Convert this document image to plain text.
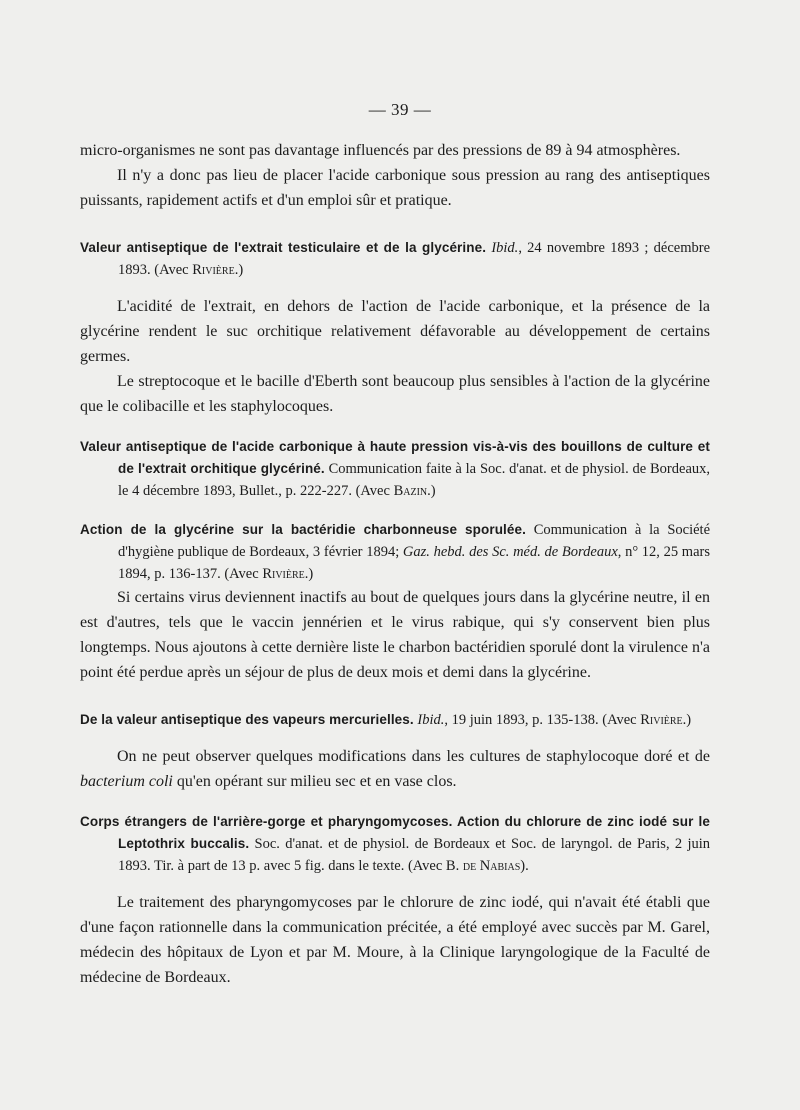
— 39 —

micro-organismes ne sont pas davantage influencés par des pressions de 89 à 94 atmosphères.

Il n'y a donc pas lieu de placer l'acide carbonique sous pression au rang des antiseptiques puissants, rapidement actifs et d'un emploi sûr et pratique.

Valeur antiseptique de l'extrait testiculaire et de la glycérine. Ibid., 24 novembre 1893 ; décembre 1893. (Avec Rivière.)

L'acidité de l'extrait, en dehors de l'action de l'acide carbonique, et la présence de la glycérine rendent le suc orchitique relativement défavorable au développement de certains germes.

Le streptocoque et le bacille d'Eberth sont beaucoup plus sensibles à l'action de la glycérine que le colibacille et les staphylocoques.

Valeur antiseptique de l'acide carbonique à haute pression vis-à-vis des bouillons de culture et de l'extrait orchitique glycériné. Communication faite à la Soc. d'anat. et de physiol. de Bordeaux, le 4 décembre 1893, Bullet., p. 222-227. (Avec Bazin.)

Action de la glycérine sur la bactéridie charbonneuse sporulée. Communication à la Société d'hygiène publique de Bordeaux, 3 février 1894; Gaz. hebd. des Sc. méd. de Bordeaux, n° 12, 25 mars 1894, p. 136-137. (Avec Rivière.)

Si certains virus deviennent inactifs au bout de quelques jours dans la glycérine neutre, il en est d'autres, tels que le vaccin jennérien et le virus rabique, qui s'y conservent bien plus longtemps. Nous ajoutons à cette dernière liste le charbon bactéridien sporulé dont la virulence n'a point été perdue après un séjour de plus de deux mois et demi dans la glycérine.

De la valeur antiseptique des vapeurs mercurielles. Ibid., 19 juin 1893, p. 135-138. (Avec Rivière.)

On ne peut observer quelques modifications dans les cultures de staphylocoque doré et de bacterium coli qu'en opérant sur milieu sec et en vase clos.

Corps étrangers de l'arrière-gorge et pharyngomycoses. Action du chlorure de zinc iodé sur le Leptothrix buccalis. Soc. d'anat. et de physiol. de Bordeaux et Soc. de laryngol. de Paris, 2 juin 1893. Tir. à part de 13 p. avec 5 fig. dans le texte. (Avec B. de Nabias).

Le traitement des pharyngomycoses par le chlorure de zinc iodé, qui n'avait été établi que d'une façon rationnelle dans la communication précitée, a été employé avec succès par M. Garel, médecin des hôpitaux de Lyon et par M. Moure, à la Clinique laryngologique de la Faculté de médecine de Bordeaux.
